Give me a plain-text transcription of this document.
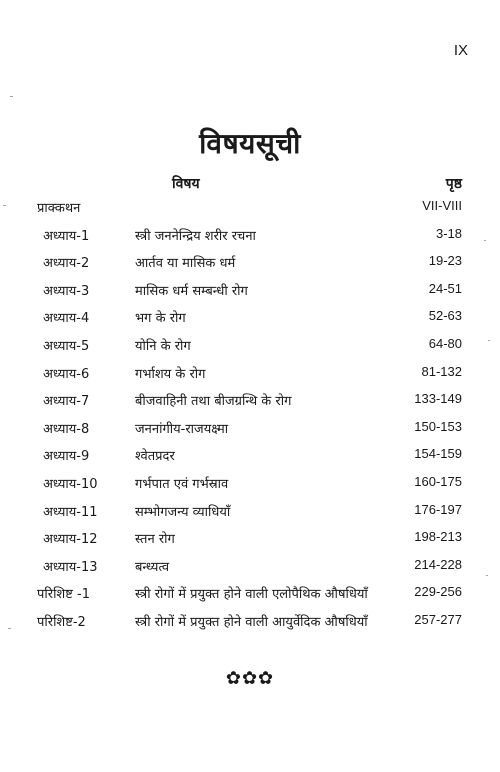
IX
विषयसूची
विषय	पृष्ठ
प्राक्कथन	VII-VIII
अध्याय-1	स्त्री जननेन्द्रिय शरीर रचना	3-18
अध्याय-2	आर्तव या मासिक धर्म	19-23
अध्याय-3	मासिक धर्म सम्बन्धी रोग	24-51
अध्याय-4	भग के रोग	52-63
अध्याय-5	योनि के रोग	64-80
अध्याय-6	गर्भाशय के रोग	81-132
अध्याय-7	बीजवाहिनी तथा बीजग्रन्थि के रोग	133-149
अध्याय-8	जननांगीय-राजयक्ष्मा	150-153
अध्याय-9	श्वेतप्रदर	154-159
अध्याय-10	गर्भपात एवं गर्भस्राव	160-175
अध्याय-11	सम्भोगजन्य व्याधियाँ	176-197
अध्याय-12	स्तन रोग	198-213
अध्याय-13	बन्ध्यत्व	214-228
परिशिष्ट -1	स्त्री रोगों में प्रयुक्त होने वाली एलोपैथिक औषधियाँ	229-256
परिशिष्ट-2	स्त्री रोगों में प्रयुक्त होने वाली आयुर्वेदिक औषधियाँ	257-277
✿✿✿
